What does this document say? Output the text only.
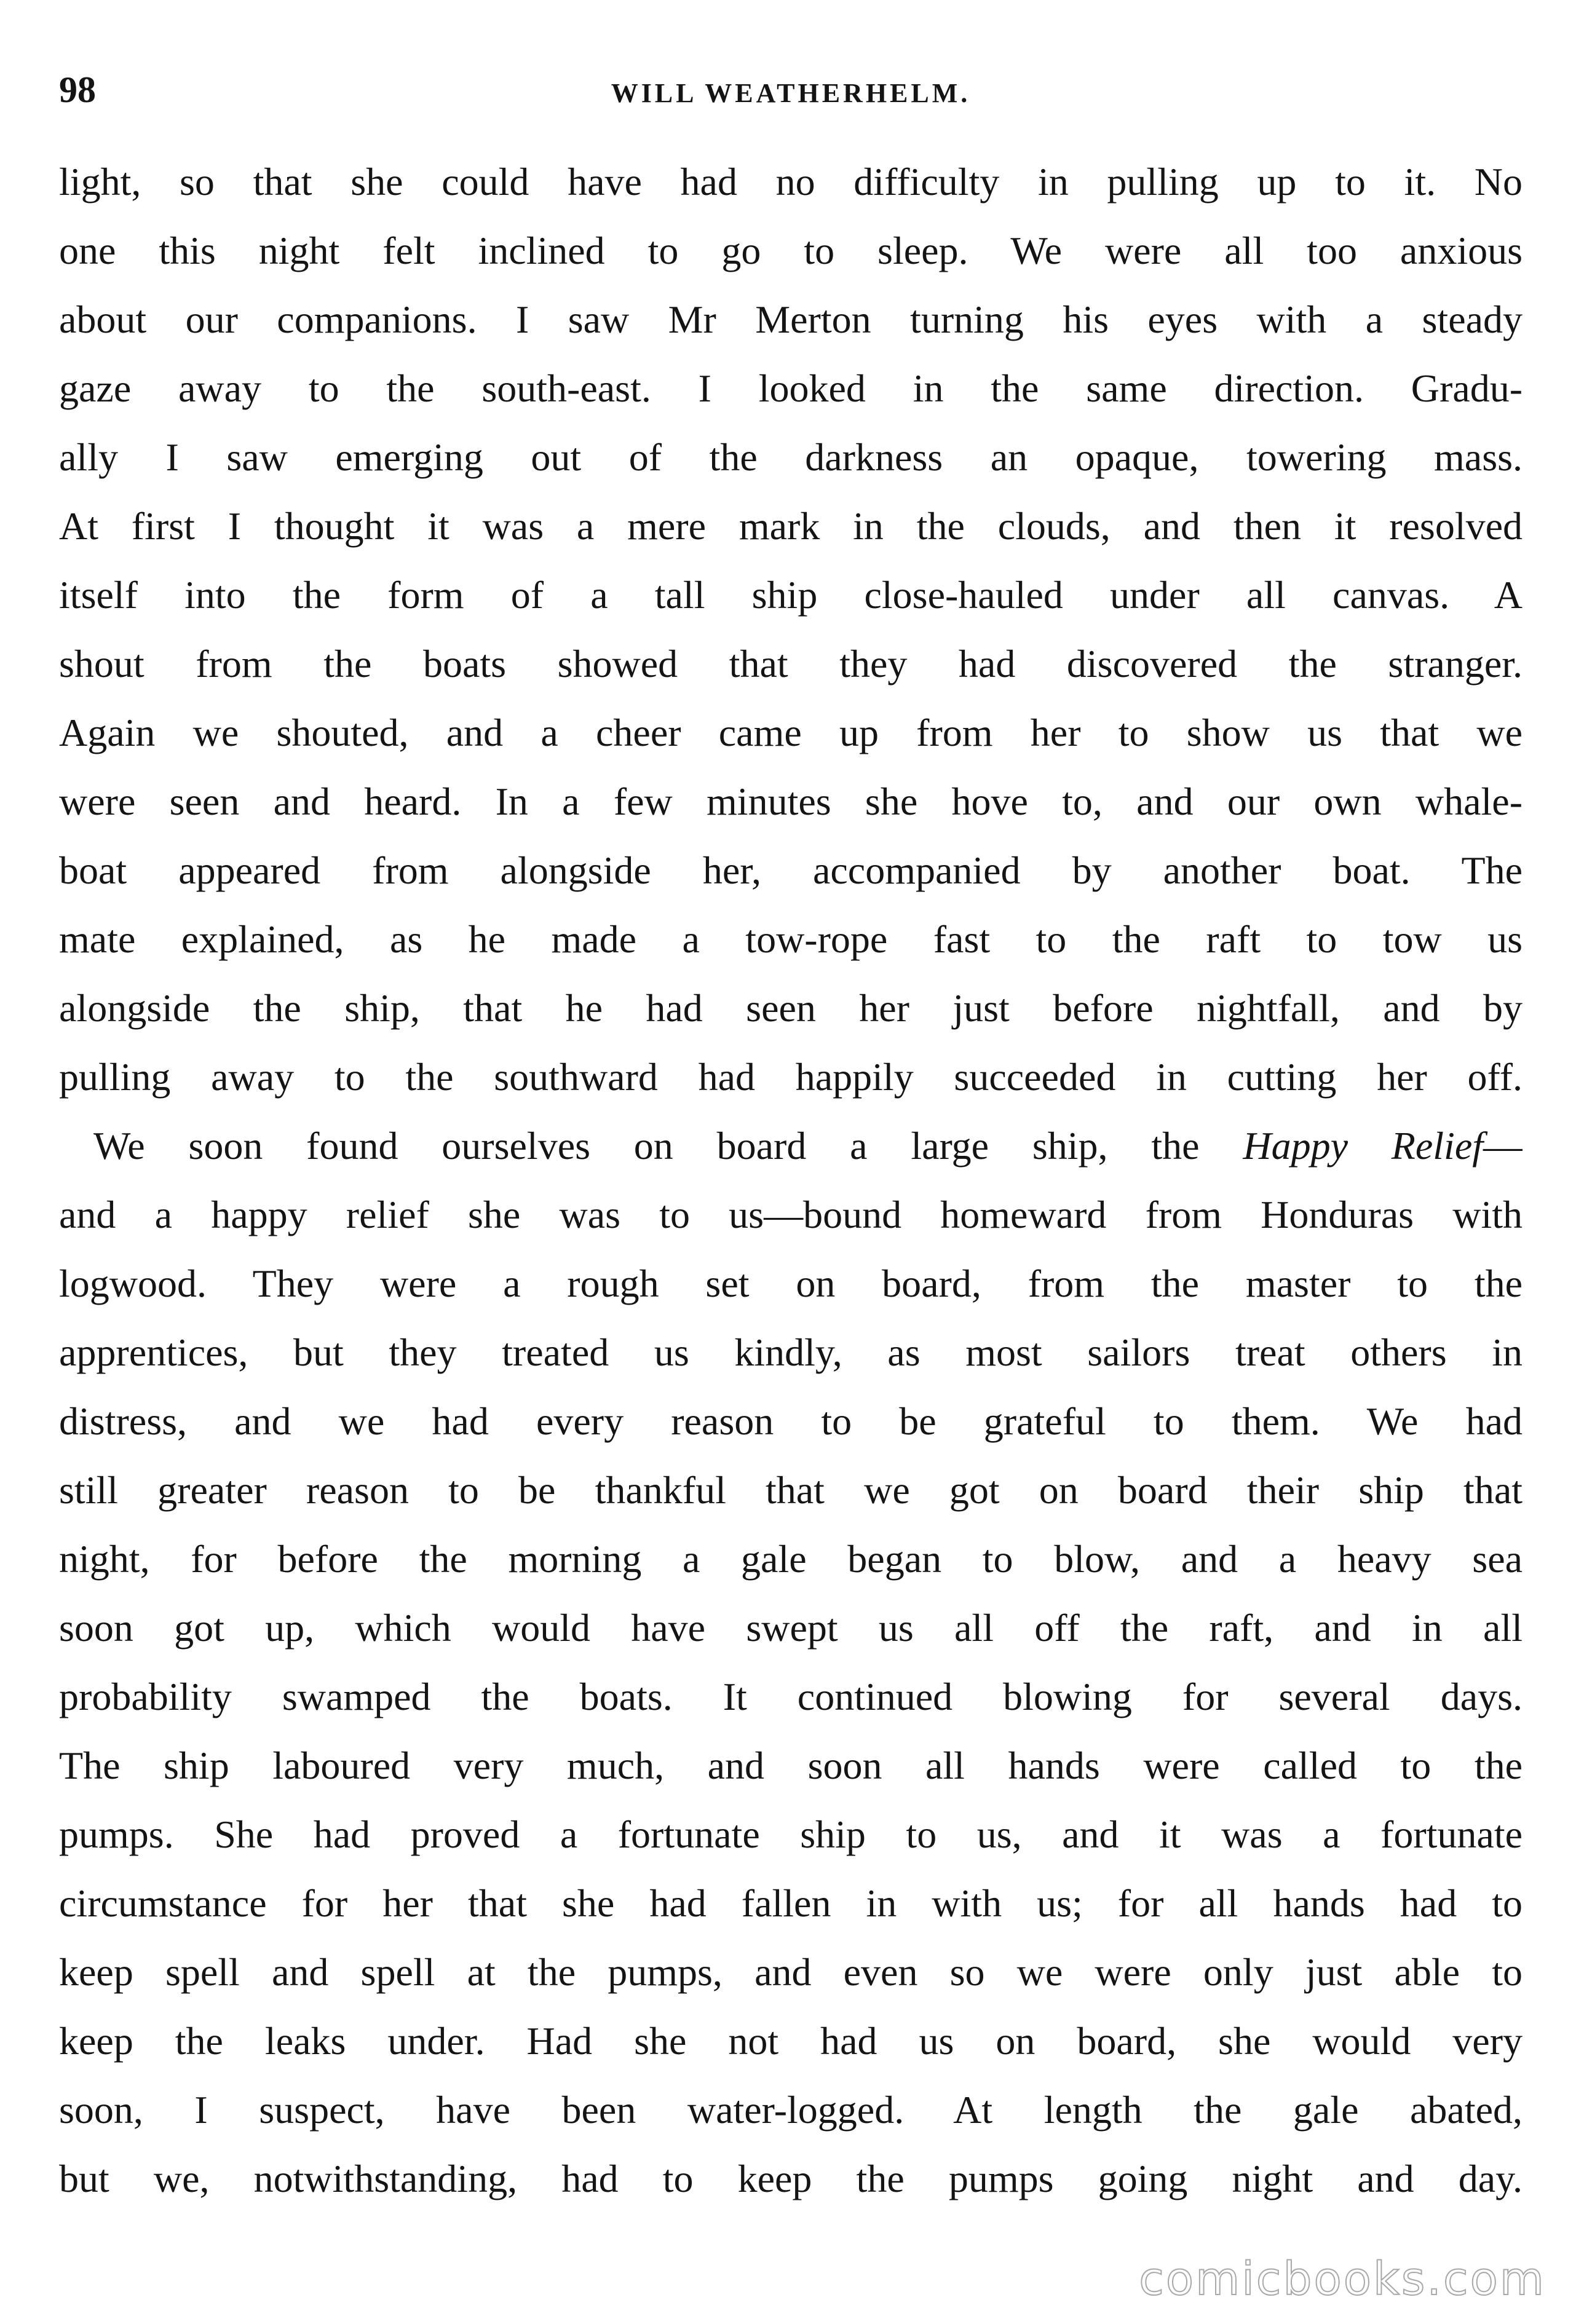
98	WILL WEATHERHELM.
light, so that she could have had no difficulty in pulling up to it. No
one this night felt inclined to go to sleep. We were all too anxious
about our companions. I saw Mr Merton turning his eyes with a steady
gaze away to the south-east. I looked in the same direction. Gradu-
ally I saw emerging out of the darkness an opaque, towering mass.
At first I thought it was a mere mark in the clouds, and then it resolved
itself into the form of a tall ship close-hauled under all canvas. A
shout from the boats showed that they had discovered the stranger.
Again we shouted, and a cheer came up from her to show us that we
were seen and heard. In a few minutes she hove to, and our own whale-
boat appeared from alongside her, accompanied by another boat. The
mate explained, as he made a tow-rope fast to the raft to tow us
alongside the ship, that he had seen her just before nightfall, and by
pulling away to the southward had happily succeeded in cutting her off.
We soon found ourselves on board a large ship, the Happy Relief—
and a happy relief she was to us—bound homeward from Honduras with
logwood. They were a rough set on board, from the master to the
apprentices, but they treated us kindly, as most sailors treat others in
distress, and we had every reason to be grateful to them. We had
still greater reason to be thankful that we got on board their ship that
night, for before the morning a gale began to blow, and a heavy sea
soon got up, which would have swept us all off the raft, and in all
probability swamped the boats. It continued blowing for several days.
The ship laboured very much, and soon all hands were called to the
pumps. She had proved a fortunate ship to us, and it was a fortunate
circumstance for her that she had fallen in with us; for all hands had to
keep spell and spell at the pumps, and even so we were only just able to
keep the leaks under. Had she not had us on board, she would very
soon, I suspect, have been water-logged. At length the gale abated,
but we, notwithstanding, had to keep the pumps going night and day.
comicbooks.com
